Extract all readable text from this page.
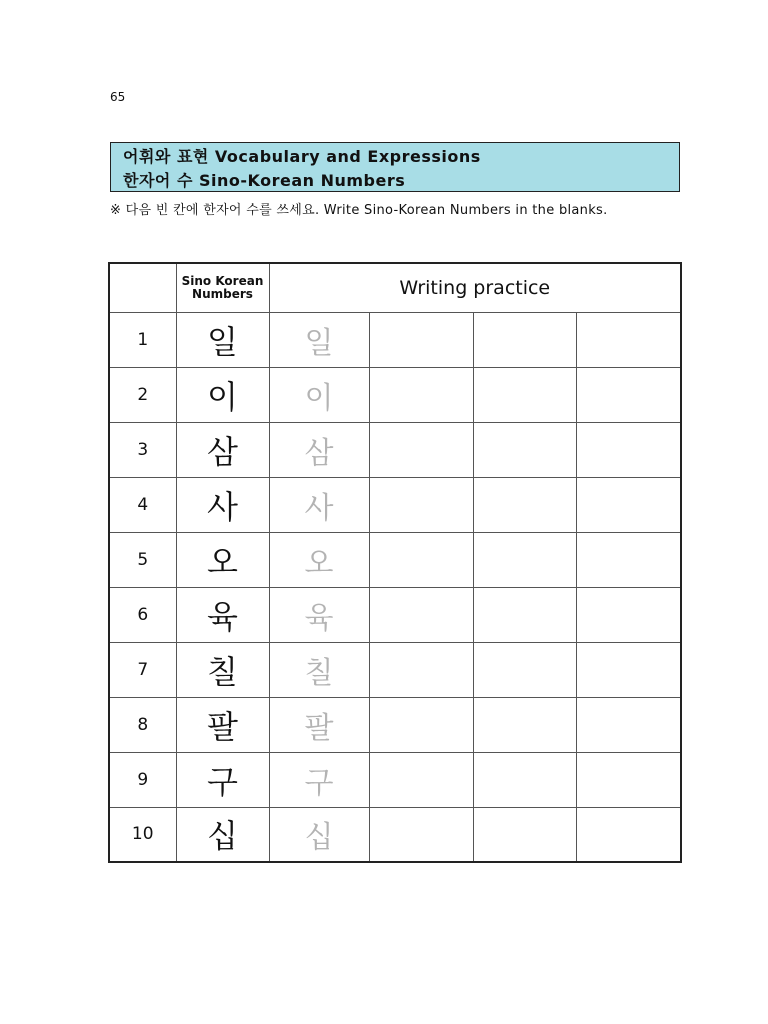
65
어휘와 표현 Vocabulary and Expressions
한자어 수 Sino-Korean Numbers
※ 다음 빈 칸에 한자어 수를 쓰세요. Write Sino-Korean Numbers in the blanks.
	Sino Korean Numbers	Writing practice			
1	일	일			
2	이	이			
3	삼	삼			
4	사	사			
5	오	오			
6	육	육			
7	칠	칠			
8	팔	팔			
9	구	구			
10	십	십			
